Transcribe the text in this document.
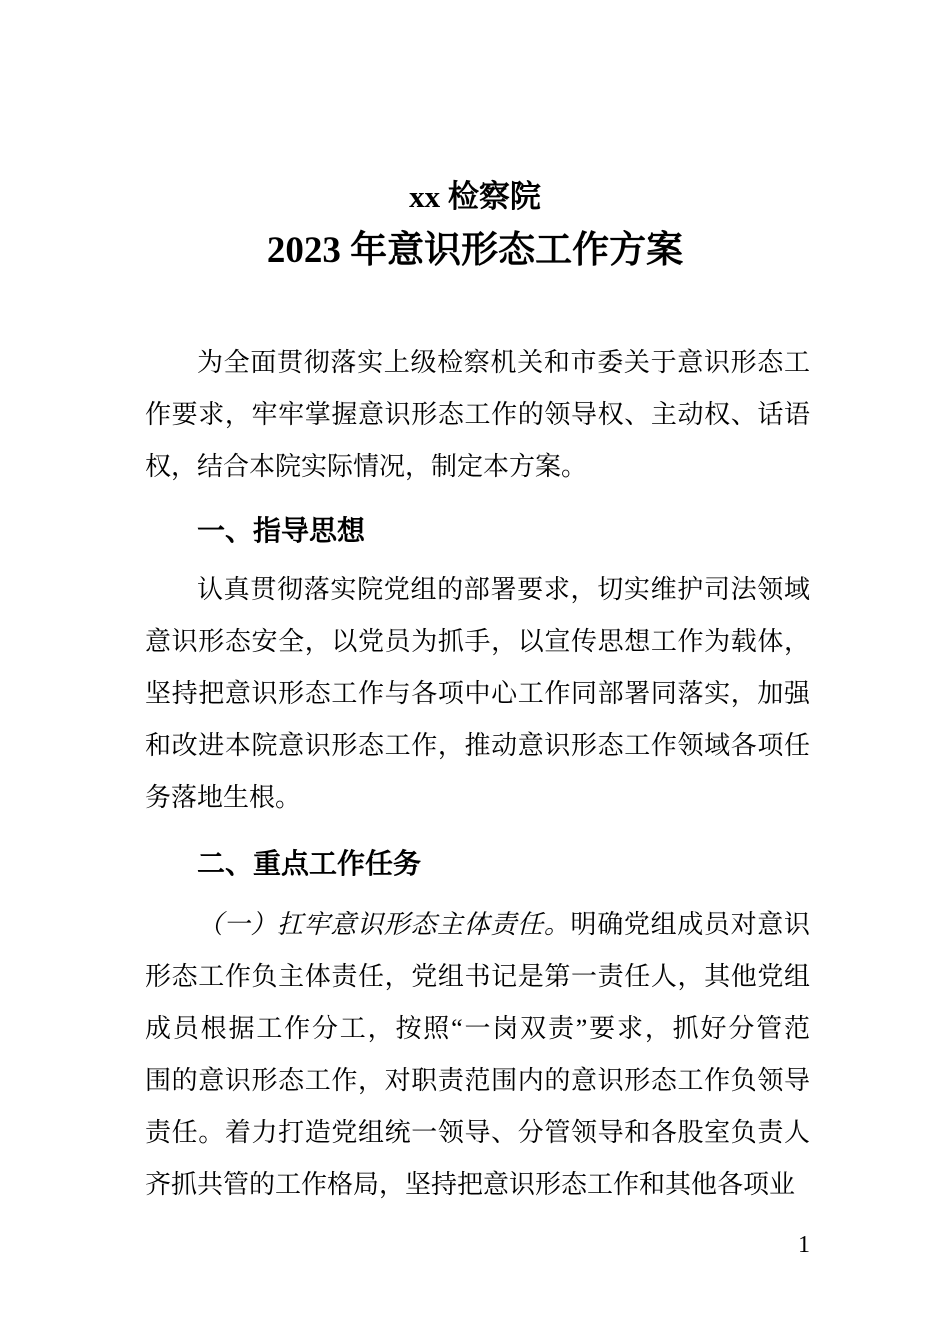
xx 检察院
2023 年意识形态工作方案
为全面贯彻落实上级检察机关和市委关于意识形态工
作要求，牢牢掌握意识形态工作的领导权、主动权、话语
权，结合本院实际情况，制定本方案。
一、指导思想
认真贯彻落实院党组的部署要求，切实维护司法领域
意识形态安全，以党员为抓手，以宣传思想工作为载体，
坚持把意识形态工作与各项中心工作同部署同落实，加强
和改进本院意识形态工作，推动意识形态工作领域各项任
务落地生根。
二、重点工作任务
（一）扛牢意识形态主体责任。明确党组成员对意识
形态工作负主体责任，党组书记是第一责任人，其他党组
成员根据工作分工，按照“一岗双责”要求，抓好分管范
围的意识形态工作，对职责范围内的意识形态工作负领导
责任。着力打造党组统一领导、分管领导和各股室负责人
齐抓共管的工作格局，坚持把意识形态工作和其他各项业
1
